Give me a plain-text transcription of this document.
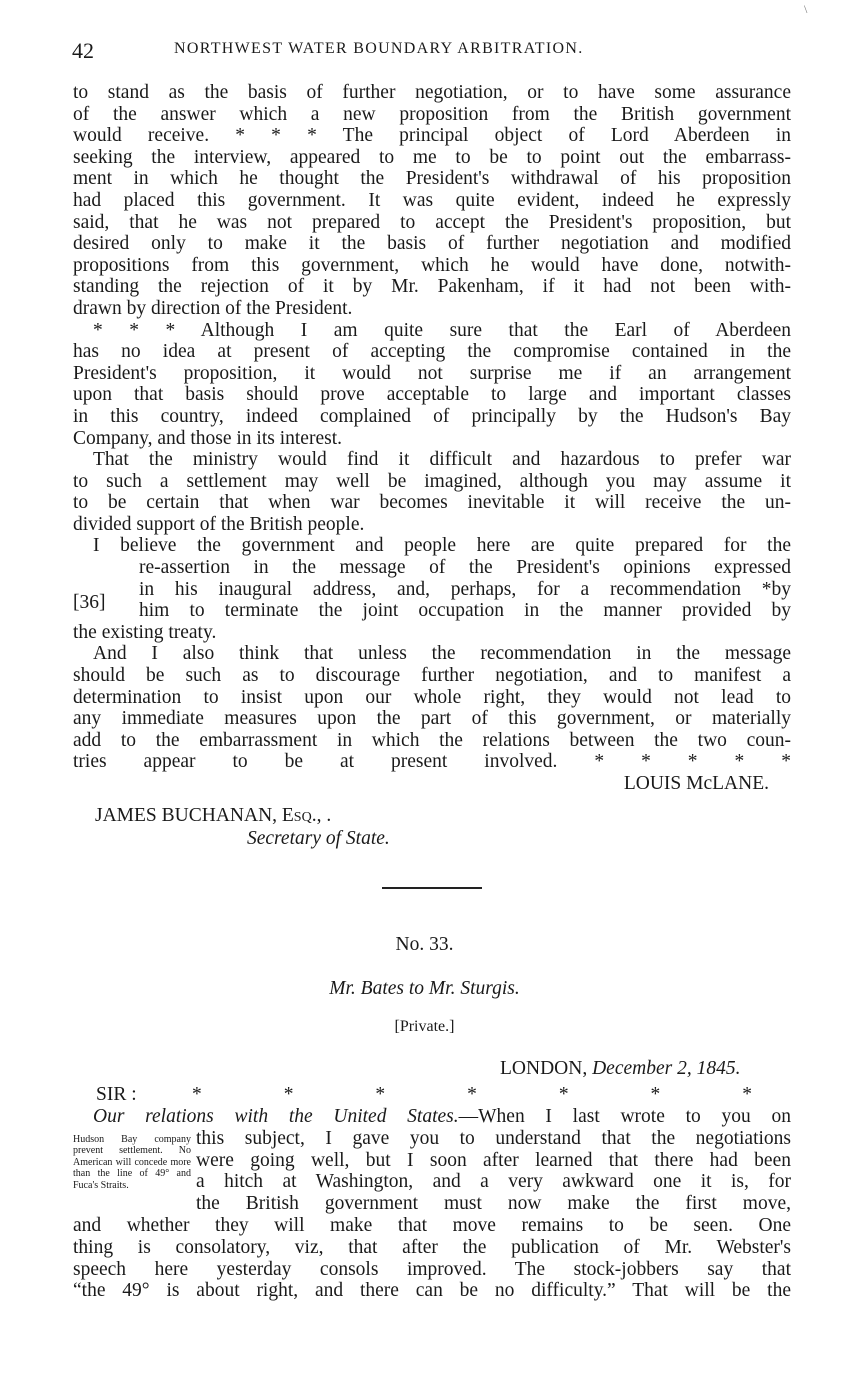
\
42	NORTHWEST WATER BOUNDARY ARBITRATION.
to stand as the basis of further negotiation, or to have some assurance
of the answer which a new proposition from the British government
would receive. * * * The principal object of Lord Aberdeen in
seeking the interview, appeared to me to be to point out the embarrass-
ment in which he thought the President's withdrawal of his proposition
had placed this government. It was quite evident, indeed he expressly
said, that he was not prepared to accept the President's proposition, but
desired only to make it the basis of further negotiation and modified
propositions from this government, which he would have done, notwith-
standing the rejection of it by Mr. Pakenham, if it had not been with-
drawn by direction of the President.
* * * Although I am quite sure that the Earl of Aberdeen
has no idea at present of accepting the compromise contained in the
President's proposition, it would not surprise me if an arrangement
upon that basis should prove acceptable to large and important classes
in this country, indeed complained of principally by the Hudson's Bay
Company, and those in its interest.
That the ministry would find it difficult and hazardous to prefer war
to such a settlement may well be imagined, although you may assume it
to be certain that when war becomes inevitable it will receive the un-
divided support of the British people.
I believe the government and people here are quite prepared for the
re-assertion in the message of the President's opinions expressed
in his inaugural address, and, perhaps, for a recommendation *by
him to terminate the joint occupation in the manner provided by
the existing treaty.
And I also think that unless the recommendation in the message
should be such as to discourage further negotiation, and to manifest a
determination to insist upon our whole right, they would not lead to
any immediate measures upon the part of this government, or materially
add to the embarrassment in which the relations between the two coun-
tries appear to be at present involved. * * * * *
LOUIS McLANE.
[36]
JAMES BUCHANAN, Esq., .
Secretary of State.
No. 33.
Mr. Bates to Mr. Sturgis.
[Private.]
LONDON, December 2, 1845.
SIR :	*	*	*	*	*	*	*
Our relations with the United States.—When I last wrote to you on
this subject, I gave you to understand that the negotiations
were going well, but I soon after learned that there had been
a hitch at Washington, and a very awkward one it is, for
the British government must now make the first move,
and whether they will make that move remains to be seen. One
thing is consolatory, viz, that after the publication of Mr. Webster's
speech here yesterday consols improved. The stock-jobbers say that
“the 49° is about right, and there can be no difficulty.” That will be the
Hudson Bay company prevent settlement. No American will concede more than the line of 49° and Fuca's Straits.
